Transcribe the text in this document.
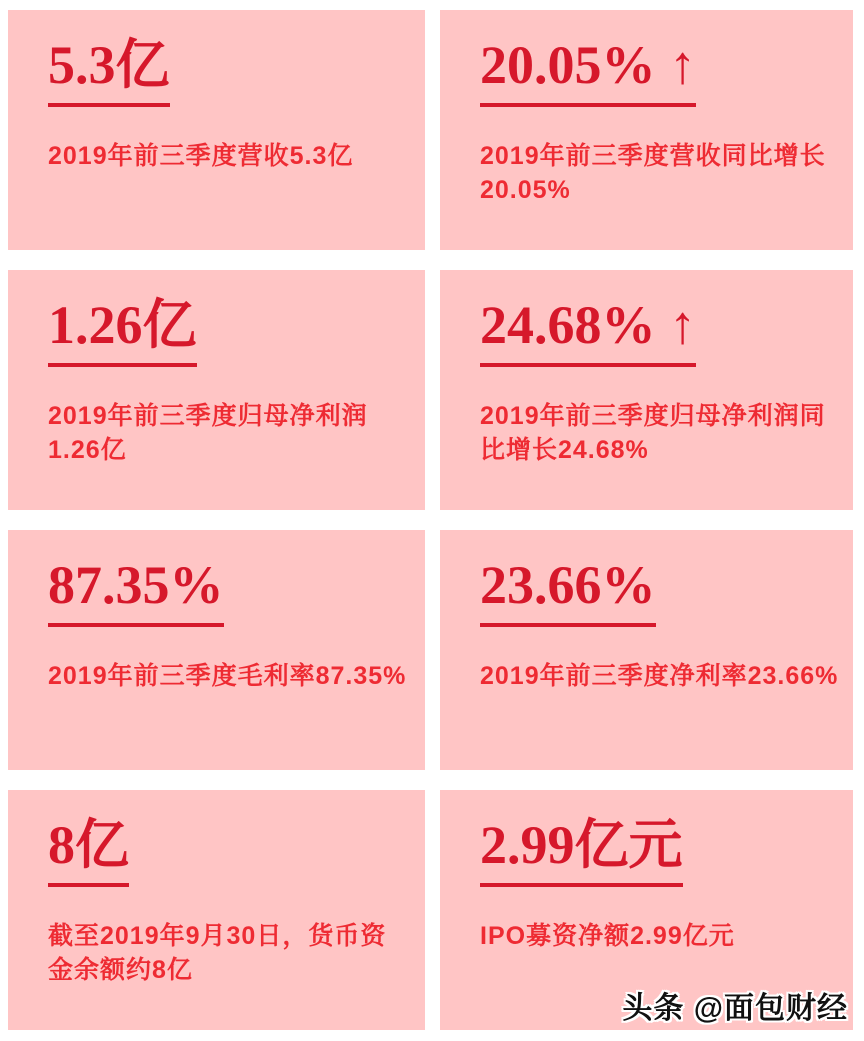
5.3亿

2019年前三季度营收5.3亿

20.05% ↑

2019年前三季度营收同比增长
20.05%

1.26亿

2019年前三季度归母净利润
1.26亿

24.68% ↑

2019年前三季度归母净利润同
比增长24.68%

87.35%

2019年前三季度毛利率87.35%

23.66%

2019年前三季度净利率23.66%

8亿

截至2019年9月30日，货币资
金余额约8亿

2.99亿元

IPO募资净额2.99亿元

头条 @面包财经
